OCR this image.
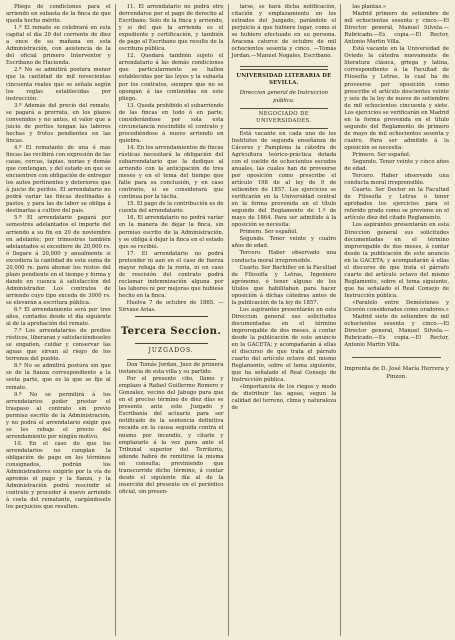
Pliego de condiciones para el arriendo en subasta de la finca de que queda hecho mérito.

1.ª El remate se celebrará en esta capital el día 20 del corriente de diez a once de su mañana en esta Administración, con asistencia de la del oficial primero Interventor y Escribano de Hacienda.

2.ª No se admitirá postura menor que la cantidad de mil novecientas cincuenta reales que se señala según los reglas establecidas por instrucción.

3.ª Además del precio del remate, se pagará a prorrata, en los plazos convenidos y no antes, el valor que a juicio de peritos tengan las labores hechas y frutos pendientes en las fincas.

4.ª El rematante de una ó mas fincas las recibirá con expresión de las casas, cercas, tapias, norias y demás que contengan, y del estado en que se encuentren con obligación de entregar los autos pertinentes y deteriores que á juicio de peritos. El arrendatario no podrá variar las fincas destinadas á pastos, y para las de labor se obliga á destinarlas á cultivo del pais.

5.ª El arrendatario pagará por semestres adelantados el importe del arriendo a su fin en 20 de noviembre en adelante; por trimestres también adelantados si excediere de 20,000 rs. ó llegare á 20,000 y anualmente si excediera la cantidad de esta suma de 20,000 rs. para abonar los restos del plazo pendiente en el tiempo y forma y dando en cuenca á satisfacción del Administrador. Los contratos de arriendo cuyo tipo exceda de 3000 rs. se elevarán a escritura pública.

6.ª El arrendamiento será por tres años, contados desde el día siguiente al de la aprobación del remate.

7.ª Los arrendatarios de predios rústicos, liberaran y satisfaciéndoseles se engañen, cuidar y conservar las aguas que sirvan al riego de los terrenos del pueblo.

8.ª No se admitirá postura sin que se de la fianza correspondiente a la sesta parte, que es la que se fije al remate.

9.ª No se permitirá á los arrendatarios poder prestar el traspaso al contrato sin previo permiso escrito de la Administración, y no podrá el arrendatario exigir que se les rebaje el precio del arrendamiento por ningún motivo.

10. En el caso de que los arrendatarios no cumplan la obligación de pago en los términos consignados, podrán los Administradores exigirle por la vía de apremio el pago y la fianza, y la Administración podrá rescindir el contrato y proceder á nuevo arriendo á costa del rematante, cargándosele los perjuicios que resulten.

11. El arrendatario no podrá otro derrendarse por el pago de derecho al Escribano. Solo de la finca y arriendo, y si del que la arrienda es el expediente y certificación, y también de pago al Escribano que resulte de la escritura pública.

12. Quedará también sujeto el arrendatario á las demás condiciones que particularmente se hallen establecidas por las leyes y la subasta por los contratos, siempre que no se opongan á las contenidas en este pliego.

13. Queda prohibido el subarriendo de las fincas en todo ó en parte, considerándose por sola esta circunstancia rescindido el contrato y procediéndose á nuevo arriendo en quiebra.

14. En los arrendamientos de fincas rústicas necesitará la obligación del subarrendatario que la dedique al arriendo con la anticipación de tres meses y en el tema del tiempo que falte para su conclusión, y en caso contrario, si se considerará que continua por la tácita.

15. El pago de la contribución es de cuenta del arrendatario.

16. El arrendatario no podrá variar en la manera de dejar la finca, sin permiso escrito de la Administración, y se obliga á dejar la finca en el estado que se recibió.

17. El arrendatario no podrá pretender ni aun en el caso de fuerza mayor rebaja de la renta, ni en caso de rescisión del contrato podrá reclamar indemnización alguna por las labores ni por mejoras que hubiese hecho en la finca.

Huelva 7 de octubre de 1865. —Sirvase Arias.

Tercera Seccion.
JUZGADOS.

Don Tomás Jordan, Juez de primera instancia de esta villa y su partido.

Por el presente cito, llamo y emplazo á Rafael Guillermo Romero y Gonzalez, vecino del Jabugo para que en el preciso término de diez días se presente ante este Juzgado y Escribanía del actuario para ser notificado de la sentencia definitiva recaida en la causa seguida contra el mismo por incendio, y citarle y emplazarle á la vez para ante el Tribunal superior del Territorio, adonde habrá de remitirse la misma en consulta; previniendo que transcurrido dicho término, á contar desde el siguiente día al de la inserción del presente en el periódico oficial, sin presen-

tarse, se hará dicha notificación, citación y emplazamiento en los estrados del Juzgado, parándole el perjuicio á que hubiere lugar, como si se hubiere efectuado en su persona. Aracena catorce de octubre de mil ochocientos sesenta y cinco. —Tomás Jordan.—Manuel Nogales, Escribano.

UNIVERSIDAD LITERARIA DE SEVILLA.

Direccion general de Instruccion pública.

NEGOCIADO DE UNIVERSIDADES.

Está vacante en cada uno de los Institutos de segunda enseñanza de Cáceres y Pamplona la cátedra de Agricultura teórico-práctica dotada con el sueldo de ochocientos escudos anuales, las cuales han de proveerse por oposición como prescribe el artículo 198 de al ley de 9 de setiembre de 1857. Los ejercicios se verificarán en la Universidad central en la forma prevenida en el título segundo del Reglamento de 1.º de mayo de 1864. Para ser admitido á la oposición se necesita:

Primero. Ser español.

Segundo. Tener veinte y cuatro años de edad.

Tercero. Haber observado una conducta moral irreprensible.

Cuarto. Ser Bachiller en la Facultad de Filosofía y Letras, Ingeniero agrónomo, ó tener alguno de los títulos que habilitaban para hacer oposición á dichas cátedras antes de la publicación de la ley de 1857.

Los aspirantes presentarán en esta Direccion general sus solicitudes documentadas en el término improrogable de dos meses, á contar desde la publicación de este anuncio en la GACETA; y acompañarán á ellas el discurso de que trata el párrafo cuarto del artículo octavo del mismo Reglamento, sobre el tema siguiente, que ha señalado el Real Consejo de Instrucción pública.

«Importancia de los riegos y modo de distribuir las aguas, segun la calidad del terreno, clima y naturaleza de

las plantas.»

Madrid primero de setiembre de mil ochocientos sesenta y cinco.—El Director general, Manuel Silvela.—Rubricado.—Es copia.—El Rector, Antonio Martin Villa.

Está vacante en la Universidad de Oviedo la cátedra nuevamente de literatura clásica, griega y latina, correspondiente á la Facultad de Filosofía y Letras, la cual ha de proveerse por oposición como prescribe el artículo doscientos veinte y seis de la ley de nueve de setiembre de mil ochocientos cincuenta y siete. Los ejercicios se verificarán en Madrid en la forma prevenida en el título segundo del Reglamento de primero de mayo de mil ochocientos sesenta y cuatro. Para ser admitido á la oposición se necesita:

Primero. Ser español.

Segundo. Tener veinte y cinco años de edad.

Tercero. Haber observado una conducta moral irreprensible.

Cuarto. Ser Doctor en la Facultad de Filosofía y Letras ó tener aprobados los ejercicios para el referido grado como se previene en el artículo diez del citado Reglamento.

Los aspirantes presentarán en esta Direccion general sus solicitudes documentadas en el término improrogable de dos meses, á contar desde la publicación de este anuncio en la GACETA; y acompañarán á ellas el discurso de que trata el párrafo cuarto del artículo octavo del mismo Reglamento, sobre el tema siguiente, que ha señalado el Real Consejo de Instrucción pública.

«Paralelo entre Demóstenes y Cicerón considerados como oradores.»

Madrid siete de setiembre de mil ochocientos sesenta y cinco.—El Director general, Manuel Silvela.—Rubricado.—Es copia.—El Rector, Antonio Martin Villa.

Imprenta de D. José María Herrera y Pinzon.
